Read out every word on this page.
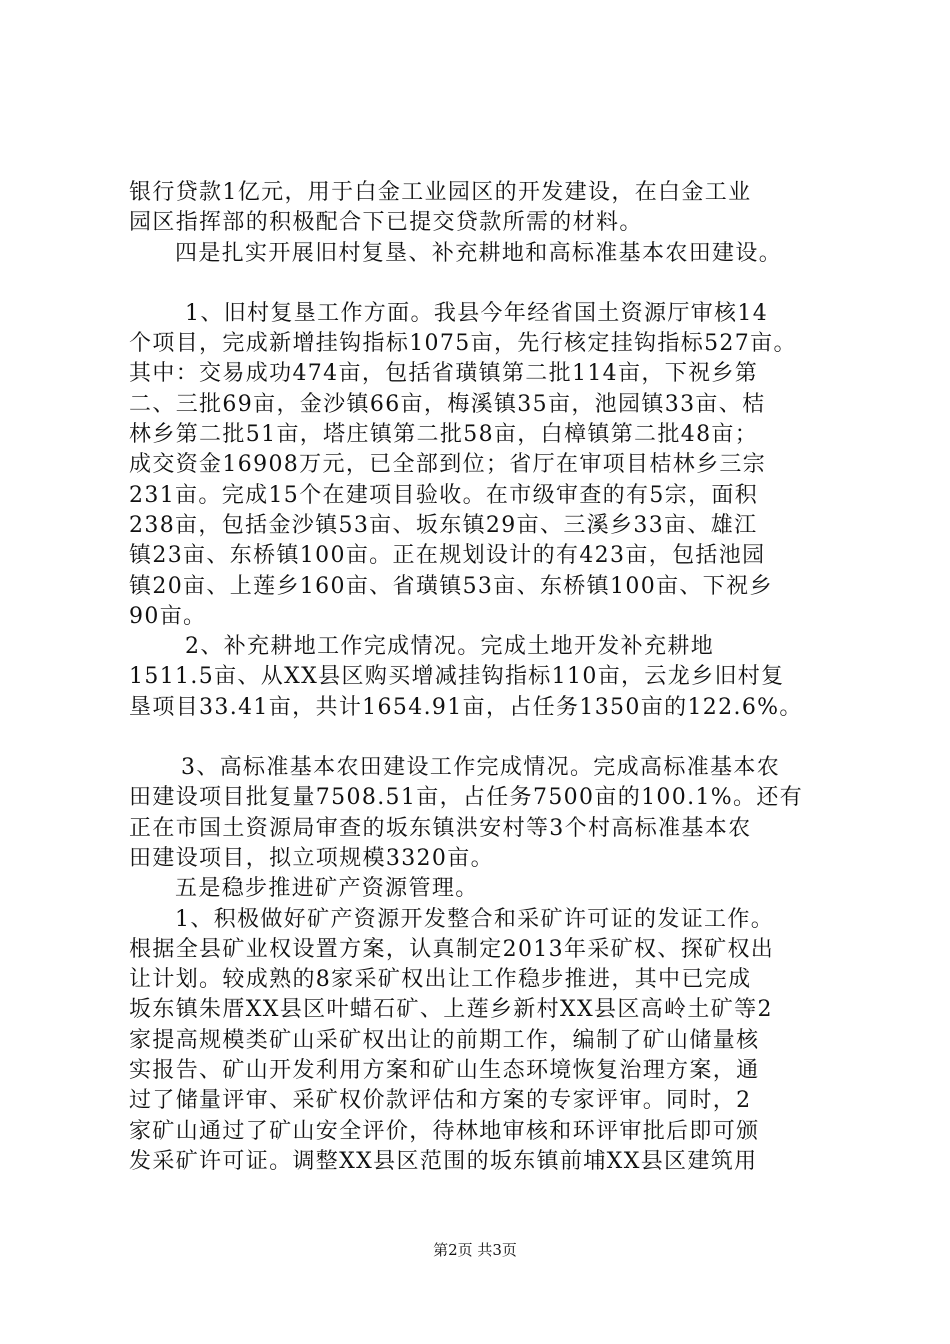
银行贷款1亿元，用于白金工业园区的开发建设，在白金工业
园区指挥部的积极配合下已提交贷款所需的材料。
四是扎实开展旧村复垦、补充耕地和高标准基本农田建设。
1、旧村复垦工作方面。我县今年经省国土资源厅审核14
个项目，完成新增挂钩指标1075亩，先行核定挂钩指标527亩。
其中：交易成功474亩，包括省璜镇第二批114亩，下祝乡第
二、三批69亩，金沙镇66亩，梅溪镇35亩，池园镇33亩、桔
林乡第二批51亩，塔庄镇第二批58亩，白樟镇第二批48亩；
成交资金16908万元，已全部到位；省厅在审项目桔林乡三宗
231亩。完成15个在建项目验收。在市级审查的有5宗，面积
238亩，包括金沙镇53亩、坂东镇29亩、三溪乡33亩、雄江
镇23亩、东桥镇100亩。正在规划设计的有423亩，包括池园
镇20亩、上莲乡160亩、省璜镇53亩、东桥镇100亩、下祝乡
90亩。
2、补充耕地工作完成情况。完成土地开发补充耕地
1511.5亩、从XX县区购买增减挂钩指标110亩，云龙乡旧村复
垦项目33.41亩，共计1654.91亩，占任务1350亩的122.6%。
3、高标准基本农田建设工作完成情况。完成高标准基本农
田建设项目批复量7508.51亩，占任务7500亩的100.1%。还有
正在市国土资源局审查的坂东镇洪安村等3个村高标准基本农
田建设项目，拟立项规模3320亩。
五是稳步推进矿产资源管理。
1、积极做好矿产资源开发整合和采矿许可证的发证工作。
根据全县矿业权设置方案，认真制定2013年采矿权、探矿权出
让计划。较成熟的8家采矿权出让工作稳步推进，其中已完成
坂东镇朱厝XX县区叶蜡石矿、上莲乡新村XX县区高岭土矿等2
家提高规模类矿山采矿权出让的前期工作，编制了矿山储量核
实报告、矿山开发利用方案和矿山生态环境恢复治理方案，通
过了储量评审、采矿权价款评估和方案的专家评审。同时，2
家矿山通过了矿山安全评价，待林地审核和环评审批后即可颁
发采矿许可证。调整XX县区范围的坂东镇前埔XX县区建筑用
第2页 共3页
